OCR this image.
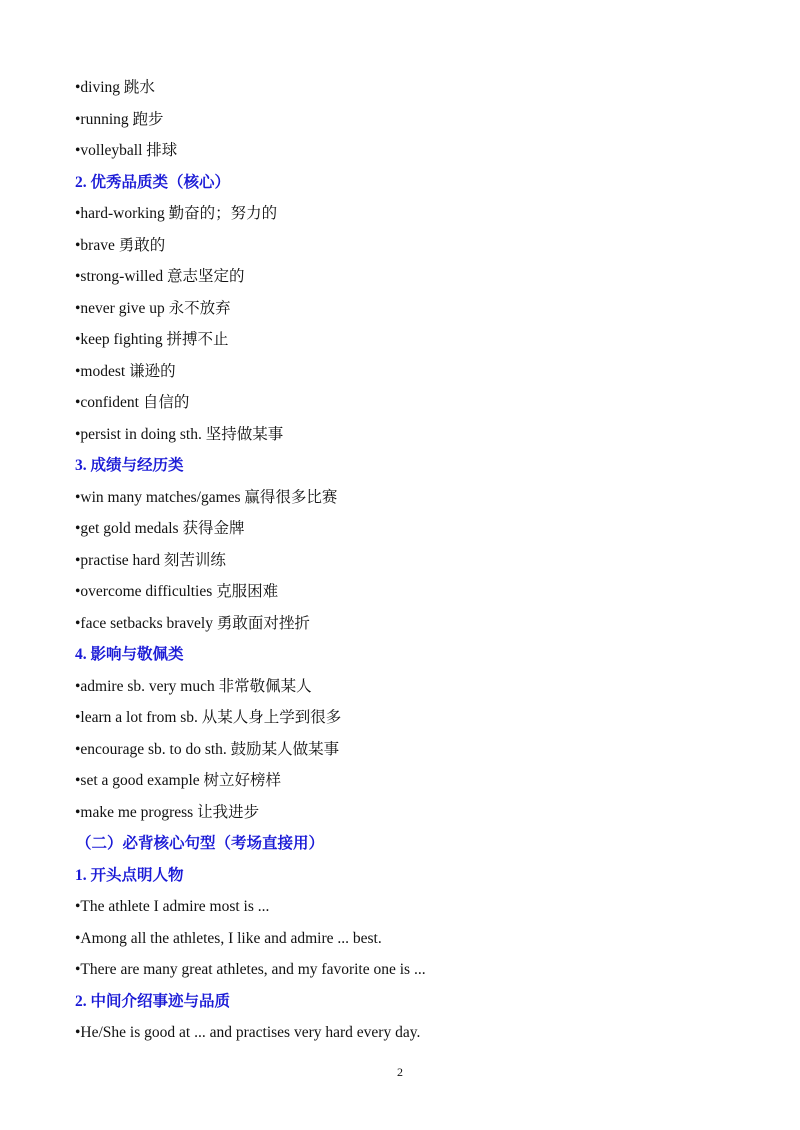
•diving 跳水
•running 跑步
•volleyball 排球
2. 优秀品质类（核心）
•hard-working 勤奋的；努力的
•brave 勇敢的
•strong-willed 意志坚定的
•never give up 永不放弃
•keep fighting 拼搏不止
•modest 谦逊的
•confident 自信的
•persist in doing sth. 坚持做某事
3. 成绩与经历类
•win many matches/games 赢得很多比赛
•get gold medals 获得金牌
•practise hard 刻苦训练
•overcome difficulties 克服困难
•face setbacks bravely 勇敢面对挫折
4. 影响与敬佩类
•admire sb. very much 非常敬佩某人
•learn a lot from sb. 从某人身上学到很多
•encourage sb. to do sth. 鼓励某人做某事
•set a good example 树立好榜样
•make me progress 让我进步
（二）必背核心句型（考场直接用）
1. 开头点明人物
•The athlete I admire most is ...
•Among all the athletes, I like and admire ... best.
•There are many great athletes, and my favorite one is ...
2. 中间介绍事迹与品质
•He/She is good at ... and practises very hard every day.
2
